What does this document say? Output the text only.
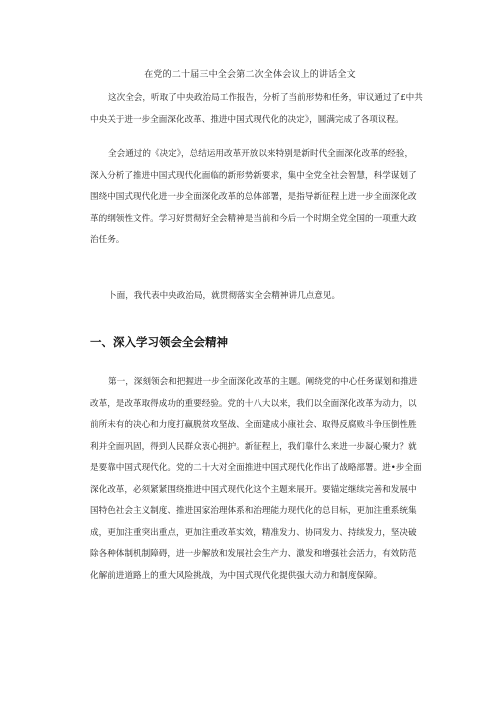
在党的二十届三中全会第二次全体会议上的讲话全文
这次全会，听取了中央政治局工作报告，分析了当前形势和任务，审议通过了£中共
中央关于进一步全面深化改革、推进中国式现代化的决定》，圆满完成了各项议程。
全会通过的《决定》，总结运用改革开放以来特别是新时代全面深化改革的经验，
深入分析了推进中国式现代化面临的新形势新要求，集中全党全社会智慧，科学谋划了
围绕中国式现代化进一步全面深化改革的总体部署，是指导新征程上进一步全面深化改
革的纲领性文件。学习好贯彻好全会精神是当前和今后一个时期全党全国的一项重大政
治任务。
卜面，我代表中央政治局，就贯彻落实全会精神讲几点意见。
一、深入学习领会全会精神
第一，深刻领会和把握进一步全面深化改革的主题。阐绕党的中心任务谋划和推进
改革，是改革取得成功的重要经验。党的十八大以来，我们以全面深化改革为动力，以
前所未有的决心和力度打赢脱贫攻坚战、全面建成小康社会、取得反腐败斗争压倒性胜
利并全面巩固，得到人民群众衷心拥护。新征程上，我们靠什么来进一步凝心聚力？就
是要靠中国式现代化。党的二十大对全面推进中国式现代化作出了战略部署。进•步全面
深化改革，必须紧紧围绕推进中国式现代化这个主题来展开。要锚定继续完善和发展中
国特色社会主义制度、推进国家治理体系和治理能力现代化的总目标，更加注重系统集
成，更加注重突出重点，更加注重改革实效，精准发力、协同发力、持续发力，坚决破
除各种体制机制障碍，进一步解放和发展社会生产力、激发和增强社会活力，有效防范
化解前进道路上的重大风险挑战，为中国式现代化提供强大动力和制度保障。
